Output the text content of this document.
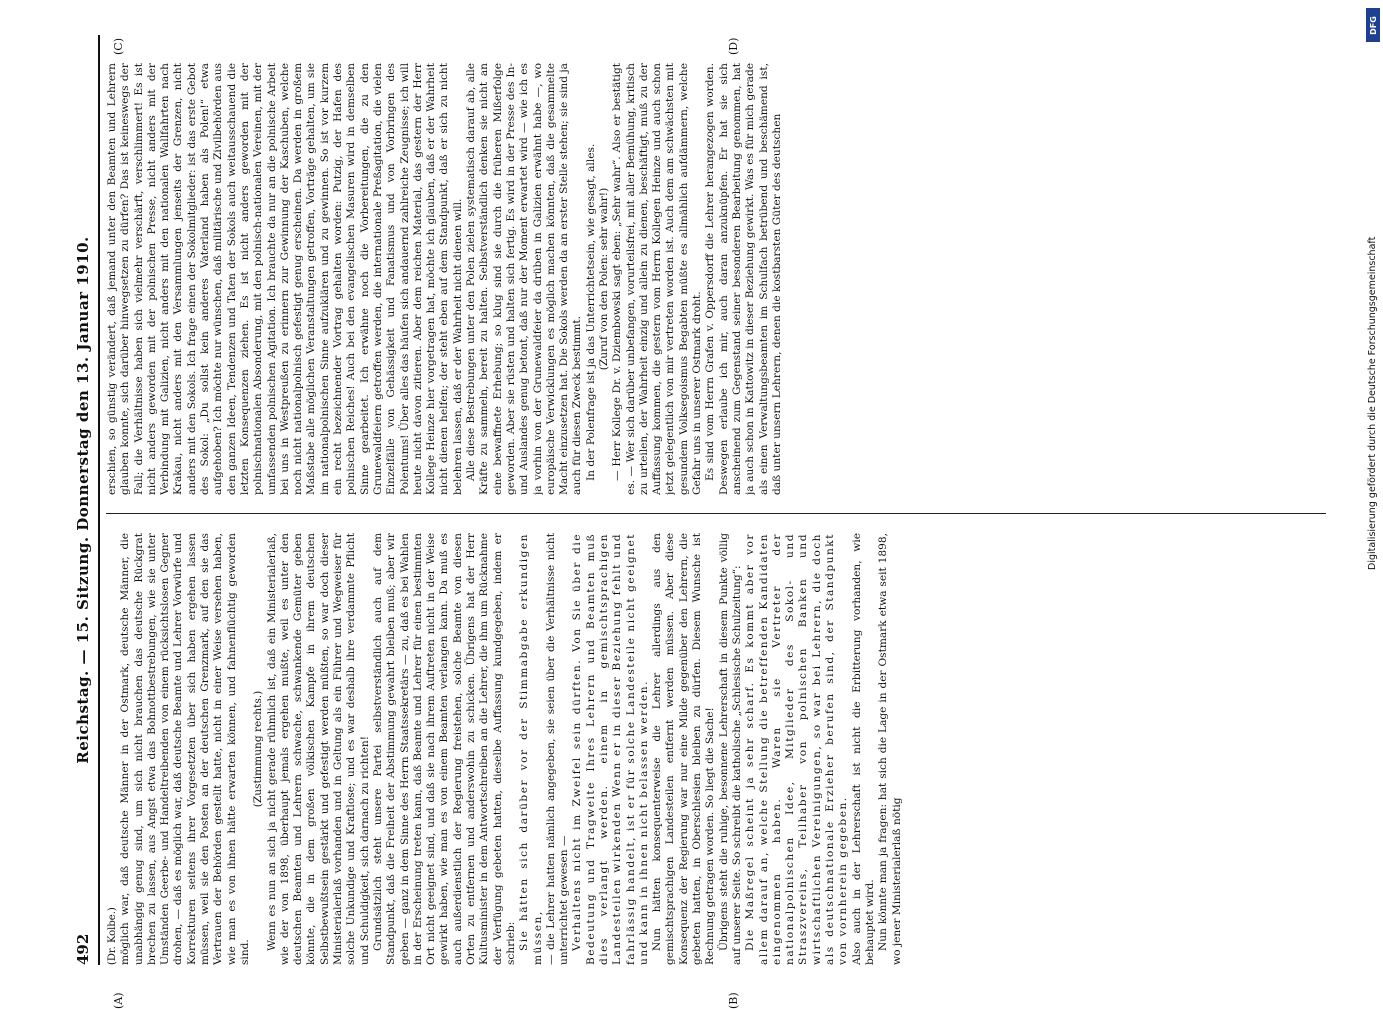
492
Reichstag. — 15. Sitzung. Donnerstag den 13. Januar 1910.
(A)	(B)
(C)	(D)

(Dr. Kolbe.) möglich war, daß deutsche Männer in der Ostmark, deutsche Männer, die unabhängig genug sind, um sich nicht brauchen das deutsche Rückgrat brechen zu lassen, aus Angst etwa das Bohnottbestrebungen, wie sie unter Umständen Geerbe- und Handeltreibenden von einem rücksichtslosen Gegner drohen, — daß es möglich war, daß deutsche Beamte und Lehrer Vorwürfe und Korrekturen seitens ihrer Vorgesetzten über sich haben ergehen lassen müssen, weil sie den Posten an der deutschen Grenzmark, auf den sie das Vertrauen der Behörden gestellt hatte, nicht in einer Weise versehen haben, wie man es von ihnen hätte erwarten können, und fahnenflüchtig geworden sind.

(Zustimmung rechts.) Wenn es nun an sich ja nicht gerade rühmlich ist, daß ein Ministerialerlaß, wie der von 1898, überhaupt jemals ergehen mußte, weil es unter den deutschen Beamten und Lehrern schwache, schwankende Gemüter geben könnte, die in dem großen völkischen Kampfe in ihrem deutschen Selbstbewußtsein gestärkt und gefestigt werden müßten, so war doch dieser Ministerialerlaß vorhanden und in Geltung als ein Führer und Wegweiser für solche Unkundige und Kraftlose; und es war deshalb ihre verdammte Pflicht und Schuldigkeit, sich darnach zu richten! Grundsätzlich steht unsere Partei selbstverständlich auch auf dem Standpunkt, daß die Freiheit der Abstimmung gewahrt bleiben muß; aber wir geben — ganz in dem Sinne des Herrn Staatssekretärs — zu, daß es bei Wahlen in der Erscheinung treten kann, daß Beamte und Lehrer für einen bestimmten Ort nicht geeignet sind, und daß sie nach ihrem Auftreten nicht in der Weise gewirkt haben, wie man es von einem Beamten verlangen kann. Da muß es auch außerdienstlich der Regierung freistehen, solche Beamte von diesen Orten zu entfernen und anderswohin zu schicken. Übrigens hat der Herr Kultusminister in dem Antwortschreiben an die Lehrer, die ihm um Rücknahme der Verfügung gebeten hatten, dieselbe Auffassung kundgegeben, indem er schrieb: Sie hätten sich darüber vor der Stimmabgabe erkundigen müssen, — die Lehrer hatten nämlich angegeben, sie seien über die Verhältnisse nicht unterrichtet gewesen — Verhaltens nicht im Zweifel sein dürften. Von Sie über die Bedeutung und Tragweite Ihres Lehrern und Beamten muß dies verlangt werden. einem in gemischtsprachigen Landesteilen wirkenden Wenn er in dieser Beziehung fehlt und fahrlässig handelt, ist er für solche Landesteile nicht geeignet und kann in ihnen nicht belassen werden. Nun hätten konsequenterweise die Lehrer allerdings aus den gemischtsprachigen Landesteilen entfernt werden müssen. Aber diese Konsequenz der Regierung war nur eine Milde gegenüber den Lehrern, die gebeten hatten, in Oberschlesien bleiben zu dürfen. Diesem Wunsche ist Rechnung getragen worden. So liegt die Sache! Übrigens steht die ruhige, besonnene Lehrerschaft in diesem Punkte völlig auf unserer Seite. So schreibt die katholische „Schlesische Schulzeitung“: Die Maßregel scheint ja sehr scharf. Es kommt aber vor allem darauf an, welche Stellung die betreffenden Kandidaten eingenommen haben. Waren sie Vertreter der nationalpolnischen Idee, Mitglieder des Sokol- und Straszvereins, Teilhaber von polnischen Banken und wirtschaftlichen Vereinigungen, so war bei Lehrern, die doch als deutschnationale Erzieher berufen sind, der Standpunkt von vornherein gegeben. Also auch in der Lehrerschaft ist nicht die Erbitterung vorhanden, wie behauptet wird. Nun könnte man ja fragen: hat sich die Lage in der Ostmark etwa seit 1898, wo jener Ministerialerlaß nötig

erschien, so günstig verändert, daß jemand unter den Beamten und Lehrern glauben konnte, sich darüber hinwegsetzen zu dürfen? Das ist keineswegs der Fall; die Verhältnisse haben sich vielmehr verschärft, verschlimmert! Es ist nicht anders geworden mit der polnischen Presse, nicht anders mit der Verbindung mit Galizien, nicht anders mit den nationalen Wallfahrten nach Krakau, nicht anders mit den Versammlungen jenseits der Grenzen, nicht anders mit den Sokols. Ich frage einen der Sokolmitglieder: ist das erste Gebot des Sokol: „Du sollst kein anderes Vaterland haben als Polen!“ etwa aufgehoben? Ich möchte nur wünschen, daß militärische und Zivilbehörden aus den ganzen Ideen, Tendenzen und Taten der Sokols auch weitausschauend die letzten Konsequenzen ziehen. Es ist nicht anders geworden mit der polnischnationalen Absonderung, mit den polnisch-nationalen Vereinen, mit der umfassenden polnischen Agitation. Ich brauchte da nur an die polnische Arbeit bei uns in Westpreußen zu erinnern zur Gewinnung der Kaschuben, welche noch nicht nationalpolnisch gefestigt genug erscheinen. Da werden in großem Maßstabe alle möglichen Veranstaltungen getroffen, Vorträge gehalten, um sie im nationalpolnischen Sinne aufzuklären und zu gewinnen. So ist vor kurzem ein recht bezeichnender Vortrag gehalten worden: Putzig, der Hafen des polnischen Reiches! Auch bei den evangelischen Masuren wird in demselben Sinne gearbeitet. Ich erwähne noch die Vorbereitungen, die zu den Grunewaldfeiern getroffen werden, die internationale Preßagitation, die vielen Einzelfälle von Gehässigkeit und Fanatismus und von Vorbringen des Polentums! Über alles das häufen sich andauernd zahlreiche Zeugnisse; ich will heute nicht davon zitieren. Aber dem reichen Material, das gestern der Herr Kollege Heinze hier vorgetragen hat, möchte ich glauben, daß er der Wahrheit nicht dienen helfen; der steht eben auf dem Standpunkt, daß er sich zu nicht belehren lassen, daß er der Wahrheit nicht dienen will. Alle diese Bestrebungen unter den Polen zielen systematisch darauf ab, alle Kräfte zu sammeln, bereit zu halten. Selbstverständlich denken sie nicht an eine bewaffnete Erhebung; so klug sind sie durch die früheren Mißerfolge geworden. Aber sie rüsten und halten sich fertig. Es wird in der Presse des In- und Auslandes genug betont, daß nur der Moment erwartet wird — wie ich es ja vorhin von der Grunewaldfeier da drüben in Galizien erwähnt habe —, wo europäische Verwicklungen es möglich machen könnten, daß die gesammelte Macht einzusetzen hat. Die Sokols werden da an erster Stelle stehen; sie sind ja auch für diesen Zweck bestimmt. In der Polenfrage ist ja das Unterrichtetsein, wie gesagt, alles. (Zuruf von den Polen: sehr wahr!) — Herr Kollege Dr. v. Dziembowski sagt eben: „Sehr wahr“. Also er bestätigt es. — Wer sich darüber unbefangen, vorurteilsfrei, mit aller Bemühung, kritisch zu urteilen, der Wahrheit einzig und allein zu dienen, beschäftigt, muß zu der Auffassung kommen, die gestern vom Herrn Kollegen Heinze und auch schon jetzt gelegentlich von mir vertreten worden ist. Auch dem am schwächsten mit gesundem Volksegoismus Begabten müßte es allmählich aufdämmern, welche Gefahr uns in unserer Ostmark droht. Es sind vom Herrn Grafen v. Oppersdorff die Lehrer herangezogen worden. Deswegen erlaube ich mir, auch daran anzuknüpfen. Er hat sie sich anscheinend zum Gegenstand seiner besonderen Bearbeitung genommen, hat ja auch schon in Kattowitz in dieser Beziehung gewirkt. Was es für mich gerade als einen Verwaltungsbeamten im Schulfach betrübend und beschämend ist, daß unter unsern Lehrern, denen die kostbarsten Güter des deutschen	Digitalisierung gefördert durch die Deutsche Forschungsgemeinschaft
DFG
